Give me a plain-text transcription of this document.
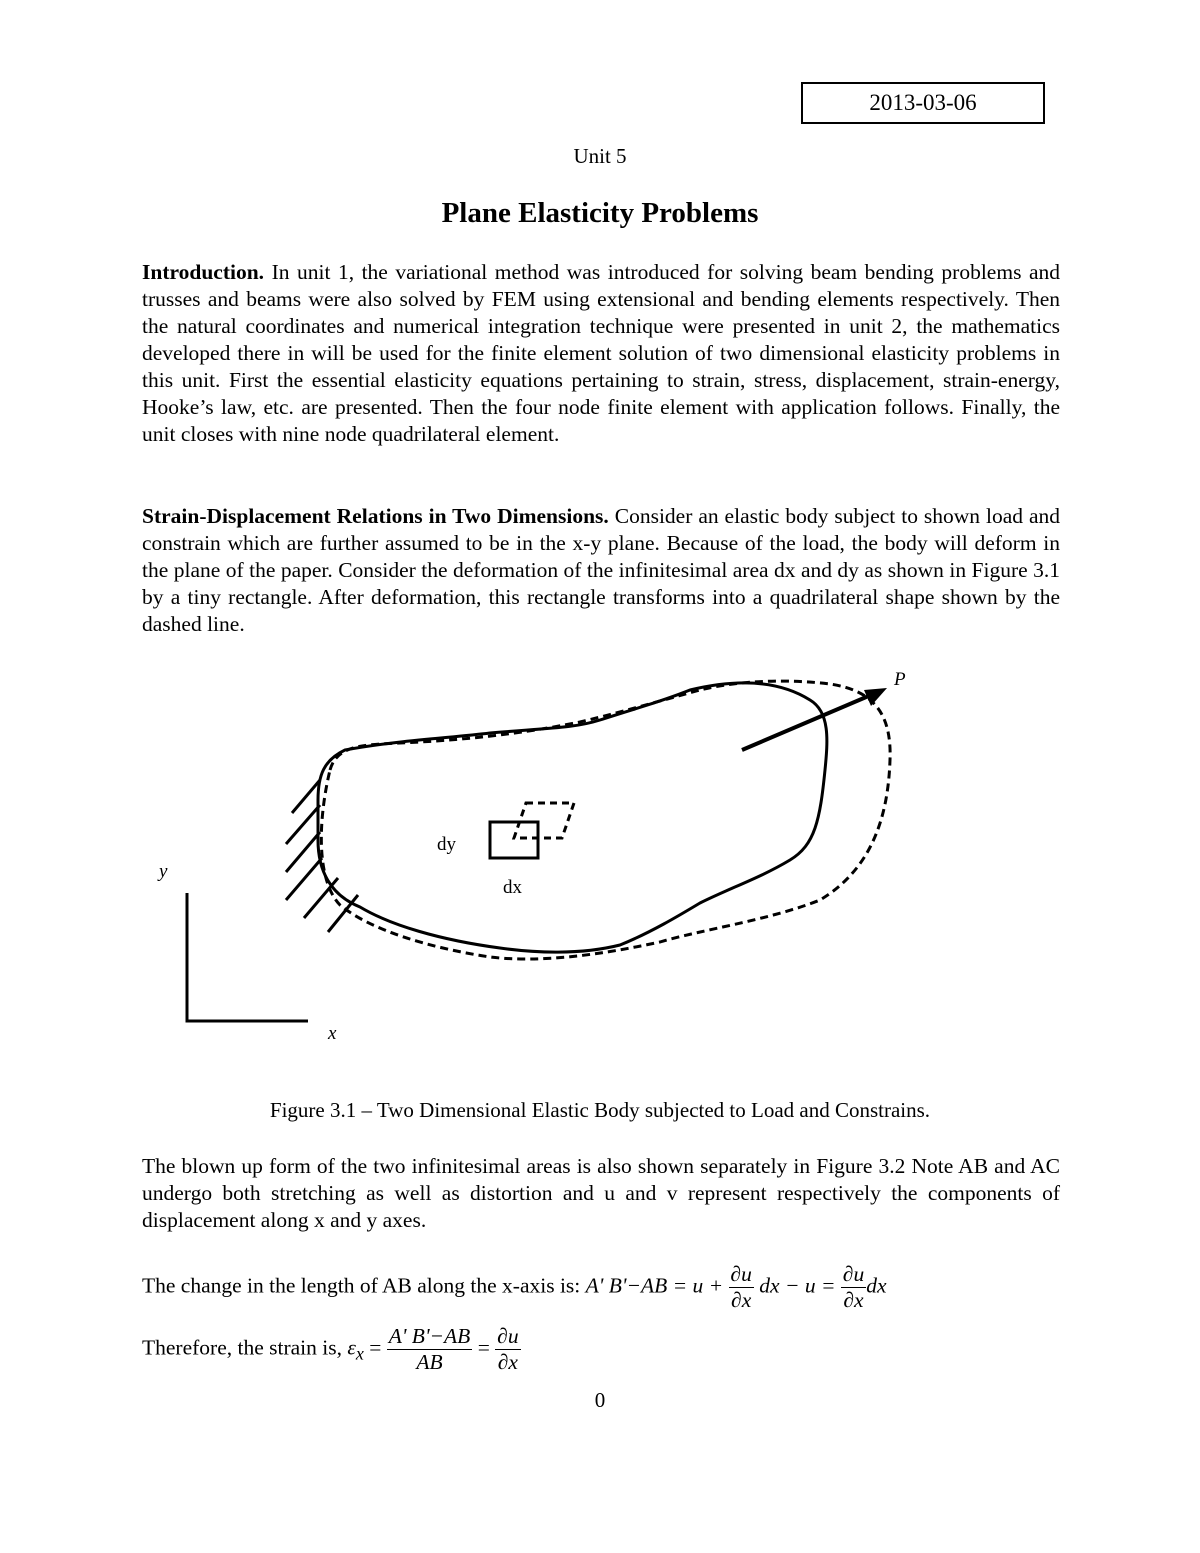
2013-03-06
Unit 5
Plane Elasticity Problems

Introduction. In unit 1, the variational method was introduced for solving beam bending problems and trusses and beams were also solved by FEM using extensional and bending elements respectively. Then the natural coordinates and numerical integration technique were presented in unit 2, the mathematics developed there in will be used for the finite element solution of two dimensional elasticity problems in this unit. First the essential elasticity equations pertaining to strain, stress, displacement, strain-energy, Hooke’s law, etc. are presented. Then the four node finite element with application follows. Finally, the unit closes with nine node quadrilateral element.

Strain-Displacement Relations in Two Dimensions. Consider an elastic body subject to shown load and constrain which are further assumed to be in the x-y plane. Because of the load, the body will deform in the plane of the paper. Consider the deformation of the infinitesimal area dx and dy as shown in Figure 3.1 by a tiny rectangle. After deformation, this rectangle transforms into a quadrilateral shape shown by the dashed line.

P
dy
dx
y
x
Figure 3.1 – Two Dimensional Elastic Body subjected to Load and Constrains.

The blown up form of the two infinitesimal areas is also shown separately in Figure 3.2 Note AB and AC undergo both stretching as well as distortion and u and v represent respectively the components of displacement along x and y axes.

The change in the length of AB along the x-axis is: A' $B'-AB = u + \frac{\partial u}{\partial x}$ dx − $u = \frac{\partial u}{\partial x}$ dx
Therefore, the strain is, $\varepsilon_x = \frac{A' B'-AB}{AB} = \frac{\partial u}{\partial x}$
0
